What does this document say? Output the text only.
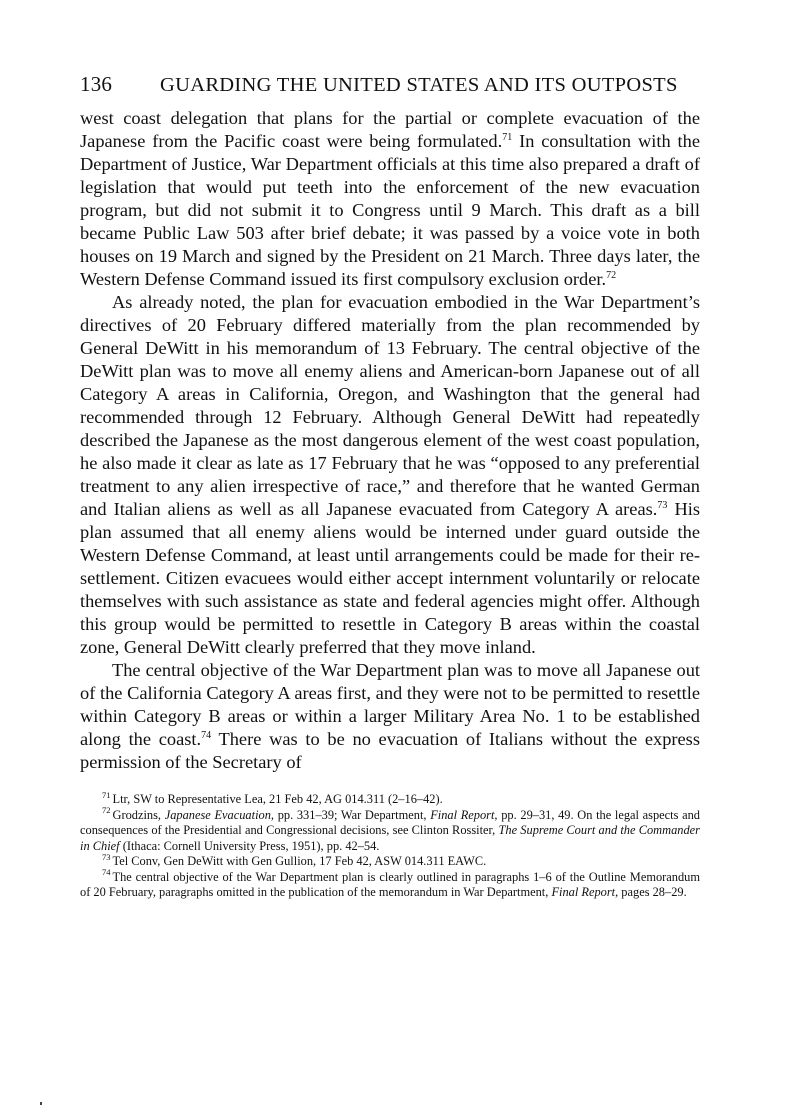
136	GUARDING THE UNITED STATES AND ITS OUTPOSTS

west coast delegation that plans for the partial or complete evacuation of the Japanese from the Pacific coast were being formulated.$^{71}$ In consultation with the Department of Justice, War Department officials at this time also prepared a draft of legislation that would put teeth into the enforcement of the new evacuation program, but did not submit it to Congress until 9 March. This draft as a bill became Public Law 503 after brief debate; it was passed by a voice vote in both houses on 19 March and signed by the President on 21 March. Three days later, the Western Defense Command issued its first compulsory exclusion order.$^{72}$

As already noted, the plan for evacuation embodied in the War Department’s directives of 20 February differed materially from the plan recommended by General DeWitt in his memorandum of 13 February. The central objective of the DeWitt plan was to move all enemy aliens and American-born Japanese out of all Category A areas in California, Oregon, and Washington that the general had recommended through 12 February. Although General DeWitt had repeatedly described the Japanese as the most dangerous element of the west coast population, he also made it clear as late as 17 February that he was “opposed to any preferential treatment to any alien irrespective of race,” and therefore that he wanted German and Italian aliens as well as all Japanese evacuated from Category A areas.$^{73}$ His plan assumed that all enemy aliens would be interned under guard outside the Western Defense Command, at least until arrangements could be made for their resettlement. Citizen evacuees would either accept internment voluntarily or relocate themselves with such assistance as state and federal agencies might offer. Although this group would be permitted to resettle in Category B areas within the coastal zone, General DeWitt clearly preferred that they move inland.

The central objective of the War Department plan was to move all Japanese out of the California Category A areas first, and they were not to be permitted to resettle within Category B areas or within a larger Military Area No. 1 to be established along the coast.$^{74}$ There was to be no evacuation of Italians without the express permission of the Secretary of

$^{71}$ Ltr, SW to Representative Lea, 21 Feb 42, AG 014.311 (2–16–42).

$^{72}$ Grodzins, Japanese Evacuation, pp. 331–39; War Department, Final Report, pp. 29–31, 49. On the legal aspects and consequences of the Presidential and Congressional decisions, see Clinton Rossiter, The Supreme Court and the Commander in Chief (Ithaca: Cornell University Press, 1951), pp. 42–54.

$^{73}$ Tel Conv, Gen DeWitt with Gen Gullion, 17 Feb 42, ASW 014.311 EAWC.

$^{74}$ The central objective of the War Department plan is clearly outlined in paragraphs 1–6 of the Outline Memorandum of 20 February, paragraphs omitted in the publication of the memorandum in War Department, Final Report, pages 28–29.
